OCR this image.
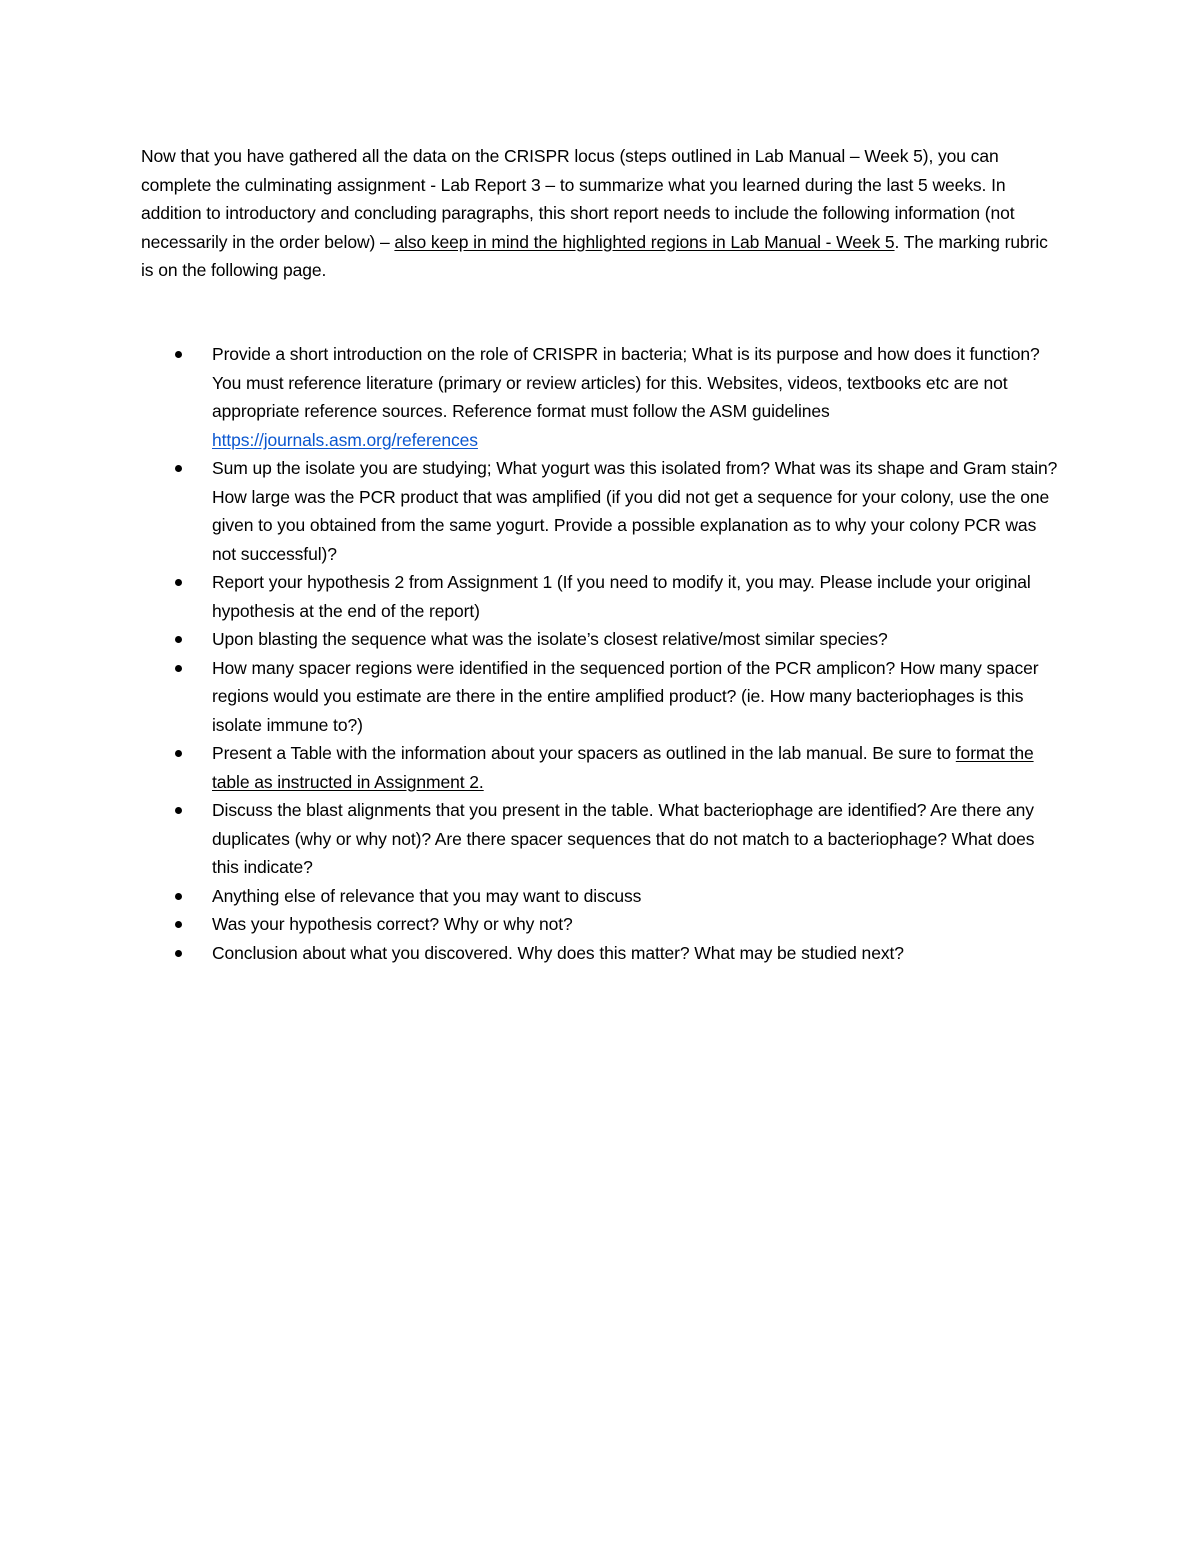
Now that you have gathered all the data on the CRISPR locus (steps outlined in Lab Manual – Week 5), you can complete the culminating assignment - Lab Report 3 – to summarize what you learned during the last 5 weeks. In addition to introductory and concluding paragraphs, this short report needs to include the following information (not necessarily in the order below) – also keep in mind the highlighted regions in Lab Manual - Week 5. The marking rubric is on the following page.

Provide a short introduction on the role of CRISPR in bacteria; What is its purpose and how does it function? You must reference literature (primary or review articles) for this. Websites, videos, textbooks etc are not appropriate reference sources. Reference format must follow the ASM guidelines https://journals.asm.org/references
Sum up the isolate you are studying; What yogurt was this isolated from? What was its shape and Gram stain? How large was the PCR product that was amplified (if you did not get a sequence for your colony, use the one given to you obtained from the same yogurt. Provide a possible explanation as to why your colony PCR was not successful)?
Report your hypothesis 2 from Assignment 1 (If you need to modify it, you may. Please include your original hypothesis at the end of the report)
Upon blasting the sequence what was the isolate’s closest relative/most similar species?
How many spacer regions were identified in the sequenced portion of the PCR amplicon? How many spacer regions would you estimate are there in the entire amplified product? (ie. How many bacteriophages is this isolate immune to?)
Present a Table with the information about your spacers as outlined in the lab manual. Be sure to format the table as instructed in Assignment 2.
Discuss the blast alignments that you present in the table. What bacteriophage are identified? Are there any duplicates (why or why not)? Are there spacer sequences that do not match to a bacteriophage? What does this indicate?
Anything else of relevance that you may want to discuss
Was your hypothesis correct? Why or why not?
Conclusion about what you discovered. Why does this matter? What may be studied next?
